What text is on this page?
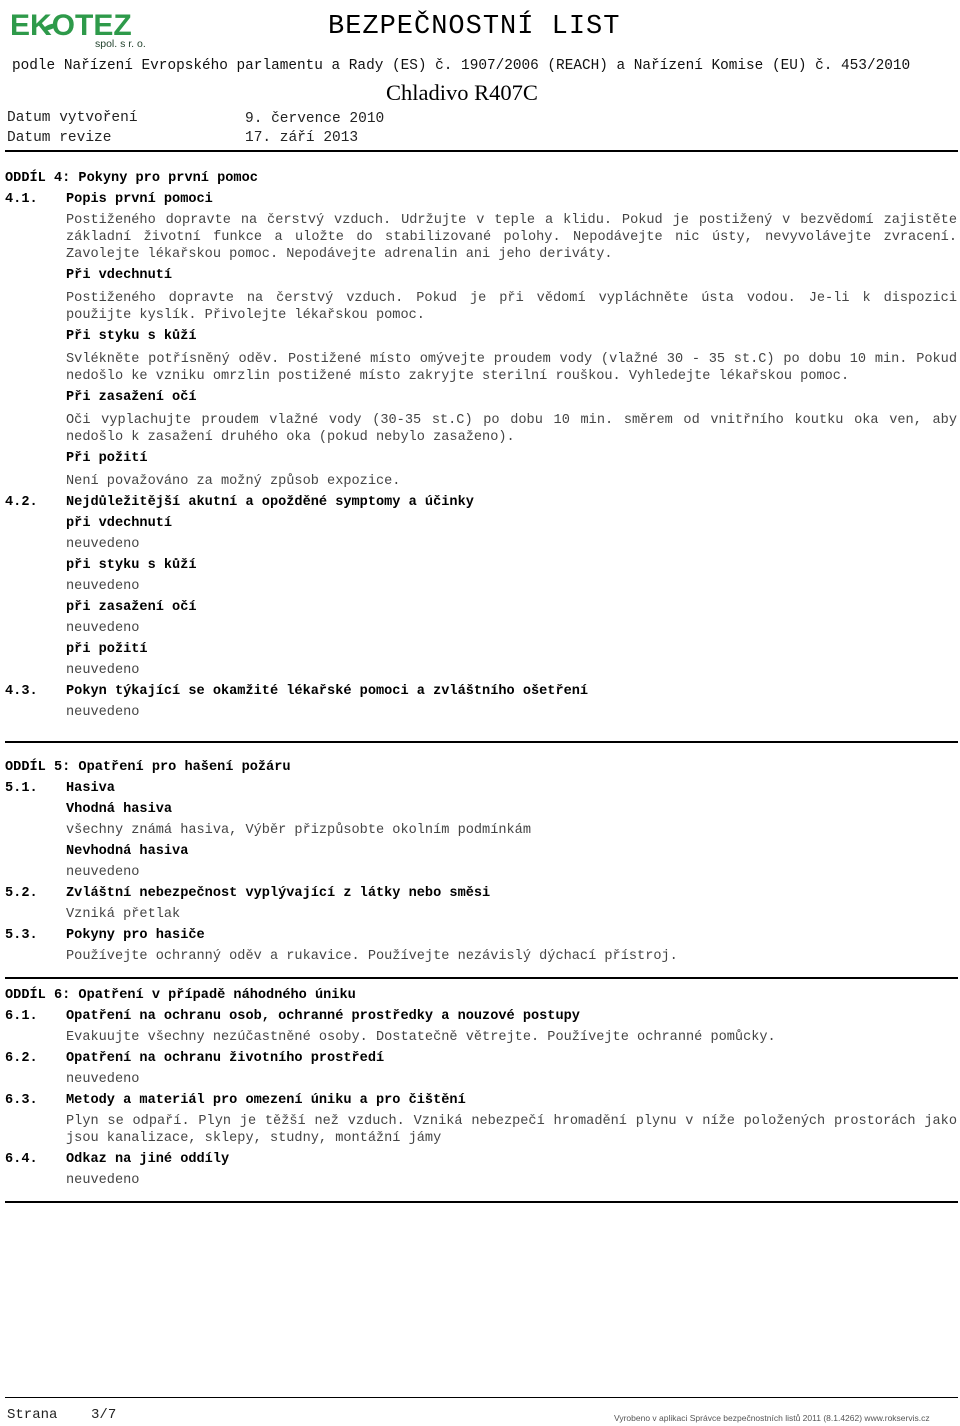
EKOTEZ
spol. s r. o.
BEZPEČNOSTNÍ LIST
podle Nařízení Evropského parlamentu a Rady (ES) č. 1907/2006 (REACH) a Nařízení Komise (EU) č. 453/2010
Chladivo R407C
Datum vytvoření	9. července 2010
Datum revize	17. září 2013
ODDÍL 4: Pokyny pro první pomoc
4.1.	Popis první pomoci
Postiženého dopravte na čerstvý vzduch. Udržujte v teple a klidu. Pokud je postižený v bezvědomí zajistěte základní životní funkce a uložte do stabilizované polohy. Nepodávejte nic ústy, nevyvolávejte zvracení. Zavolejte lékařskou pomoc. Nepodávejte adrenalin ani jeho deriváty.
Při vdechnutí
Postiženého dopravte na čerstvý vzduch. Pokud je při vědomí vypláchněte ústa vodou. Je-li k dispozici použijte kyslík. Přivolejte lékařskou pomoc.
Při styku s kůží
Svlékněte potřísněný oděv. Postižené místo omývejte proudem vody (vlažné 30 - 35 st.C) po dobu 10 min. Pokud nedošlo ke vzniku omrzlin postižené místo zakryjte sterilní rouškou. Vyhledejte lékařskou pomoc.
Při zasažení očí
Oči vyplachujte proudem vlažné vody (30-35 st.C) po dobu 10 min. směrem od vnitřního koutku oka ven, aby nedošlo k zasažení druhého oka (pokud nebylo zasaženo).
Při požití
Není považováno za možný způsob expozice.
4.2.	Nejdůležitější akutní a opožděné symptomy a účinky
při vdechnutí
neuvedeno
při styku s kůží
neuvedeno
při zasažení očí
neuvedeno
při požití
neuvedeno
4.3.	Pokyn týkající se okamžité lékařské pomoci a zvláštního ošetření
neuvedeno
ODDÍL 5: Opatření pro hašení požáru
5.1.	Hasiva
Vhodná hasiva
všechny známá hasiva, Výběr přizpůsobte okolním podmínkám
Nevhodná hasiva
neuvedeno
5.2.	Zvláštní nebezpečnost vyplývající z látky nebo směsi
Vzniká přetlak
5.3.	Pokyny pro hasiče
Používejte ochranný oděv a rukavice. Používejte nezávislý dýchací přístroj.
ODDÍL 6: Opatření v případě náhodného úniku
6.1.	Opatření na ochranu osob, ochranné prostředky a nouzové postupy
Evakuujte všechny nezúčastněné osoby. Dostatečně větrejte. Používejte ochranné pomůcky.
6.2.	Opatření na ochranu životního prostředí
neuvedeno
6.3.	Metody a materiál pro omezení úniku a pro čištění
Plyn se odpaří. Plyn je těžší než vzduch. Vzniká nebezpečí hromadění plynu v níže položených prostorách jako jsou kanalizace, sklepy, studny, montážní jámy
6.4.	Odkaz na jiné oddíly
neuvedeno
Strana    3/7	Vyrobeno v aplikaci Správce bezpečnostních listů 2011 (8.1.4262) www.rokservis.cz
